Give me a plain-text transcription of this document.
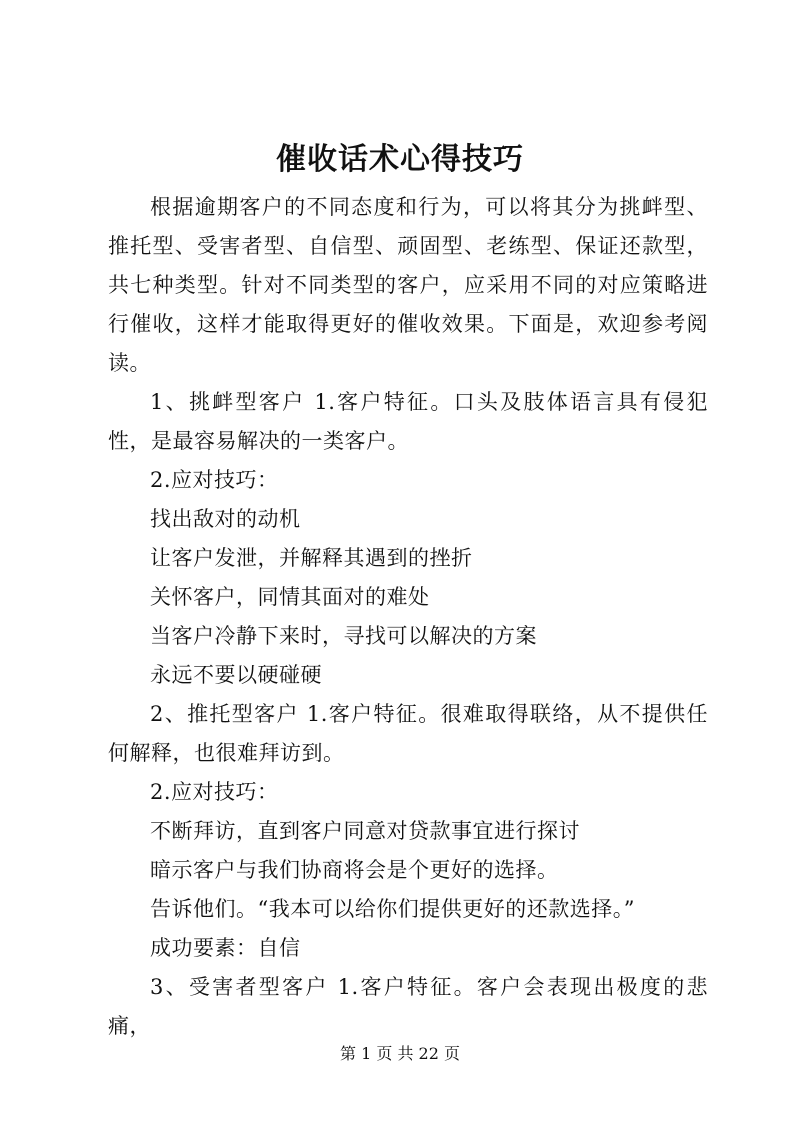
催收话术心得技巧

根据逾期客户的不同态度和行为，可以将其分为挑衅型、推托型、受害者型、自信型、顽固型、老练型、保证还款型，共七种类型。针对不同类型的客户，应采用不同的对应策略进行催收，这样才能取得更好的催收效果。下面是，欢迎参考阅读。

1、挑衅型客户 1.客户特征。口头及肢体语言具有侵犯性，是最容易解决的一类客户。

2.应对技巧：

找出敌对的动机

让客户发泄，并解释其遇到的挫折

关怀客户，同情其面对的难处

当客户冷静下来时，寻找可以解决的方案

永远不要以硬碰硬

2、推托型客户 1.客户特征。很难取得联络，从不提供任何解释，也很难拜访到。

2.应对技巧：

不断拜访，直到客户同意对贷款事宜进行探讨

暗示客户与我们协商将会是个更好的选择。

告诉他们。“我本可以给你们提供更好的还款选择。”

成功要素：自信

3、受害者型客户 1.客户特征。客户会表现出极度的悲痛，

第 1 页 共 22 页
